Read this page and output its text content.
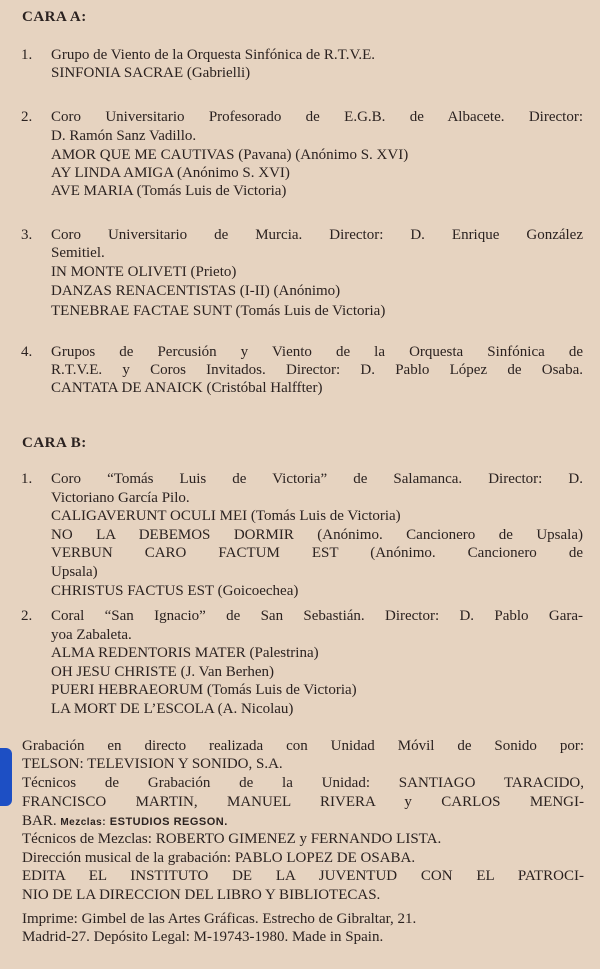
CARA A:
1. Grupo de Viento de la Orquesta Sinfónica de R.T.V.E.
SINFONIA SACRAE (Gabrielli)
2. Coro Universitario Profesorado de E.G.B. de Albacete. Director:
D. Ramón Sanz Vadillo.
AMOR QUE ME CAUTIVAS (Pavana) (Anónimo S. XVI)
AY LINDA AMIGA (Anónimo S. XVI)
AVE MARIA (Tomás Luis de Victoria)
3. Coro Universitario de Murcia. Director: D. Enrique González
Semitiel.
IN MONTE OLIVETI (Prieto)
DANZAS RENACENTISTAS (I-II) (Anónimo)
TENEBRAE FACTAE SUNT (Tomás Luis de Victoria)
4. Grupos de Percusión y Viento de la Orquesta Sinfónica de
R.T.V.E. y Coros Invitados. Director: D. Pablo López de Osaba.
CANTATA DE ANAICK (Cristóbal Halffter)
CARA B:
1. Coro “Tomás Luis de Victoria” de Salamanca. Director: D.
Victoriano García Pilo.
CALIGAVERUNT OCULI MEI (Tomás Luis de Victoria)
NO LA DEBEMOS DORMIR (Anónimo. Cancionero de Upsala)
VERBUN CARO FACTUM EST (Anónimo. Cancionero de
Upsala)
CHRISTUS FACTUS EST (Goicoechea)
2. Coral “San Ignacio” de San Sebastián. Director: D. Pablo Gara-
yoa Zabaleta.
ALMA REDENTORIS MATER (Palestrina)
OH JESU CHRISTE (J. Van Berhen)
PUERI HEBRAEORUM (Tomás Luis de Victoria)
LA MORT DE L’ESCOLA (A. Nicolau)
Grabación en directo realizada con Unidad Móvil de Sonido por:
TELSON: TELEVISION Y SONIDO, S.A.
Técnicos de Grabación de la Unidad: SANTIAGO TARACIDO,
FRANCISCO MARTIN, MANUEL RIVERA y CARLOS MENGI-
BAR. Mezclas: ESTUDIOS REGSON.
Técnicos de Mezclas: ROBERTO GIMENEZ y FERNANDO LISTA.
Dirección musical de la grabación: PABLO LOPEZ DE OSABA.
EDITA EL INSTITUTO DE LA JUVENTUD CON EL PATROCI-
NIO DE LA DIRECCION DEL LIBRO Y BIBLIOTECAS.
Imprime: Gimbel de las Artes Gráficas. Estrecho de Gibraltar, 21.
Madrid-27. Depósito Legal: M-19743-1980. Made in Spain.
